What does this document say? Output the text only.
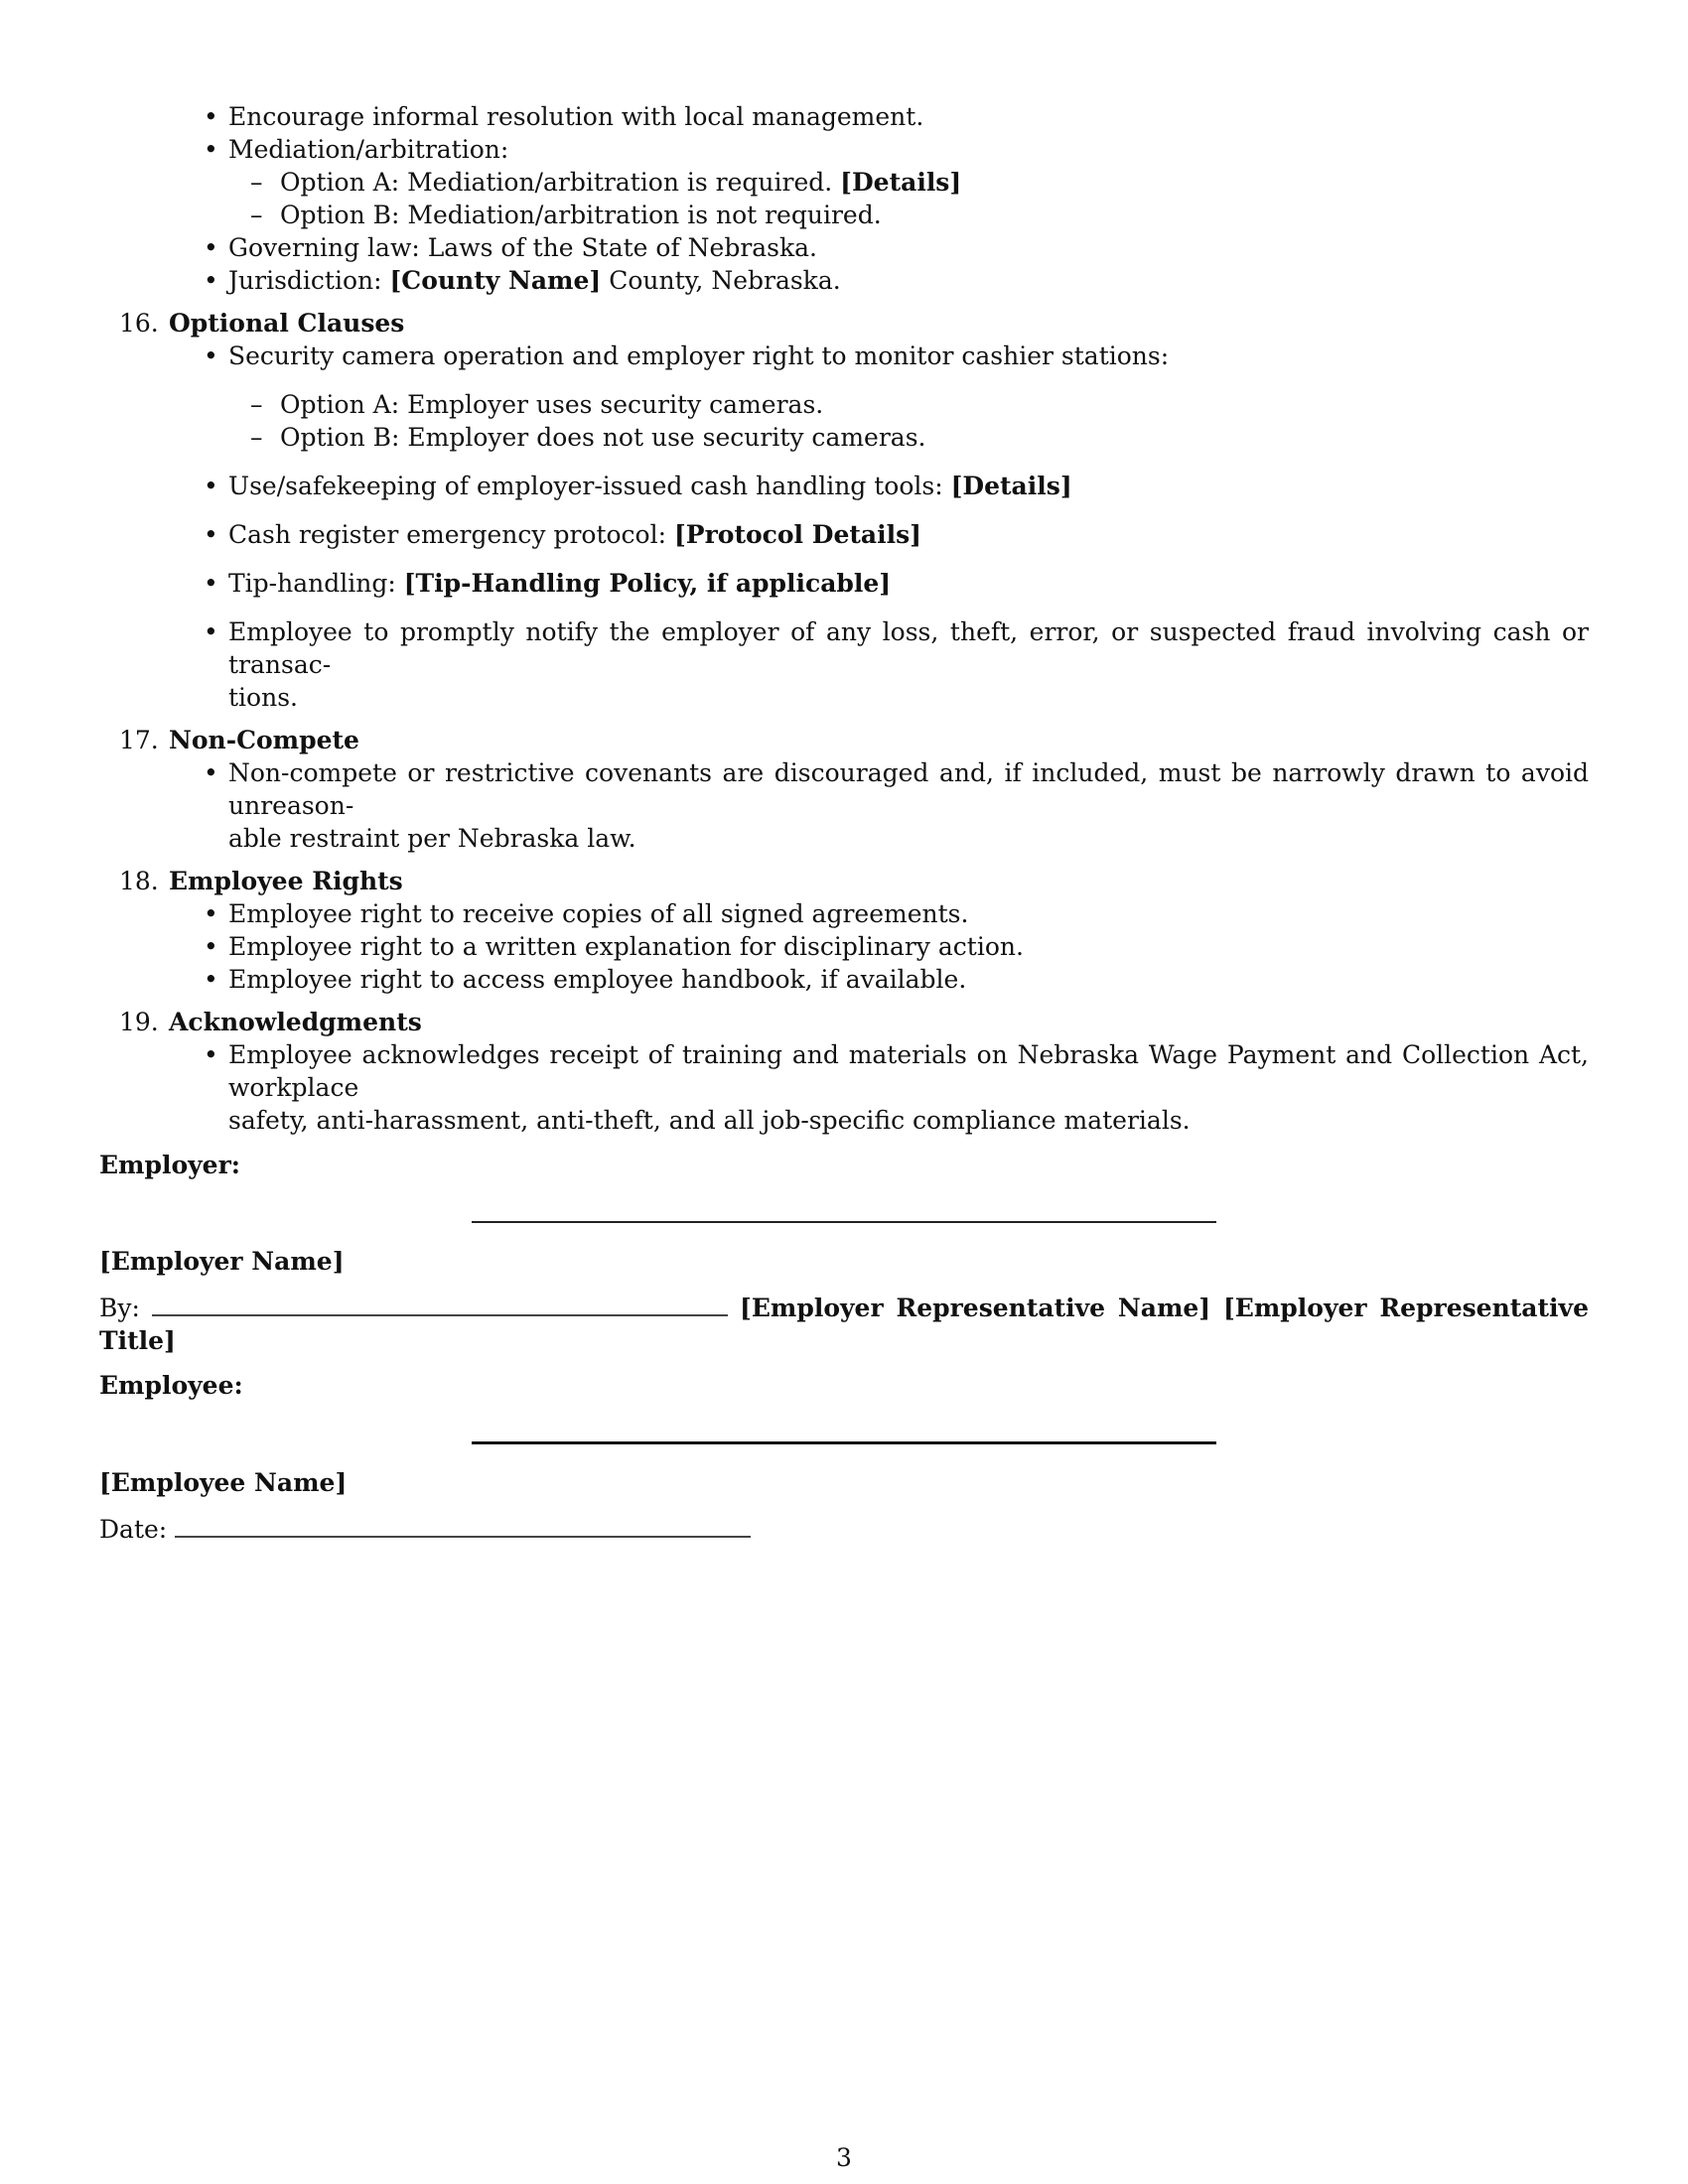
• Encourage informal resolution with local management.
• Mediation/arbitration:
– Option A: Mediation/arbitration is required. [Details]
– Option B: Mediation/arbitration is not required.
• Governing law: Laws of the State of Nebraska.
• Jurisdiction: [County Name] County, Nebraska.
16. Optional Clauses
• Security camera operation and employer right to monitor cashier stations:
– Option A: Employer uses security cameras.
– Option B: Employer does not use security cameras.
• Use/safekeeping of employer-issued cash handling tools: [Details]
• Cash register emergency protocol: [Protocol Details]
• Tip-handling: [Tip-Handling Policy, if applicable]
• Employee to promptly notify the employer of any loss, theft, error, or suspected fraud involving cash or transac-
tions.
17. Non-Compete
• Non-compete or restrictive covenants are discouraged and, if included, must be narrowly drawn to avoid unreason-
able restraint per Nebraska law.
18. Employee Rights
• Employee right to receive copies of all signed agreements.
• Employee right to a written explanation for disciplinary action.
• Employee right to access employee handbook, if available.
19. Acknowledgments
• Employee acknowledges receipt of training and materials on Nebraska Wage Payment and Collection Act, workplace
safety, anti-harassment, anti-theft, and all job-specific compliance materials.
Employer:
[Employer Name]
By:	[Employer Representative Name] [Employer Representative
Title]
Employee:
[Employee Name]
Date:
3
